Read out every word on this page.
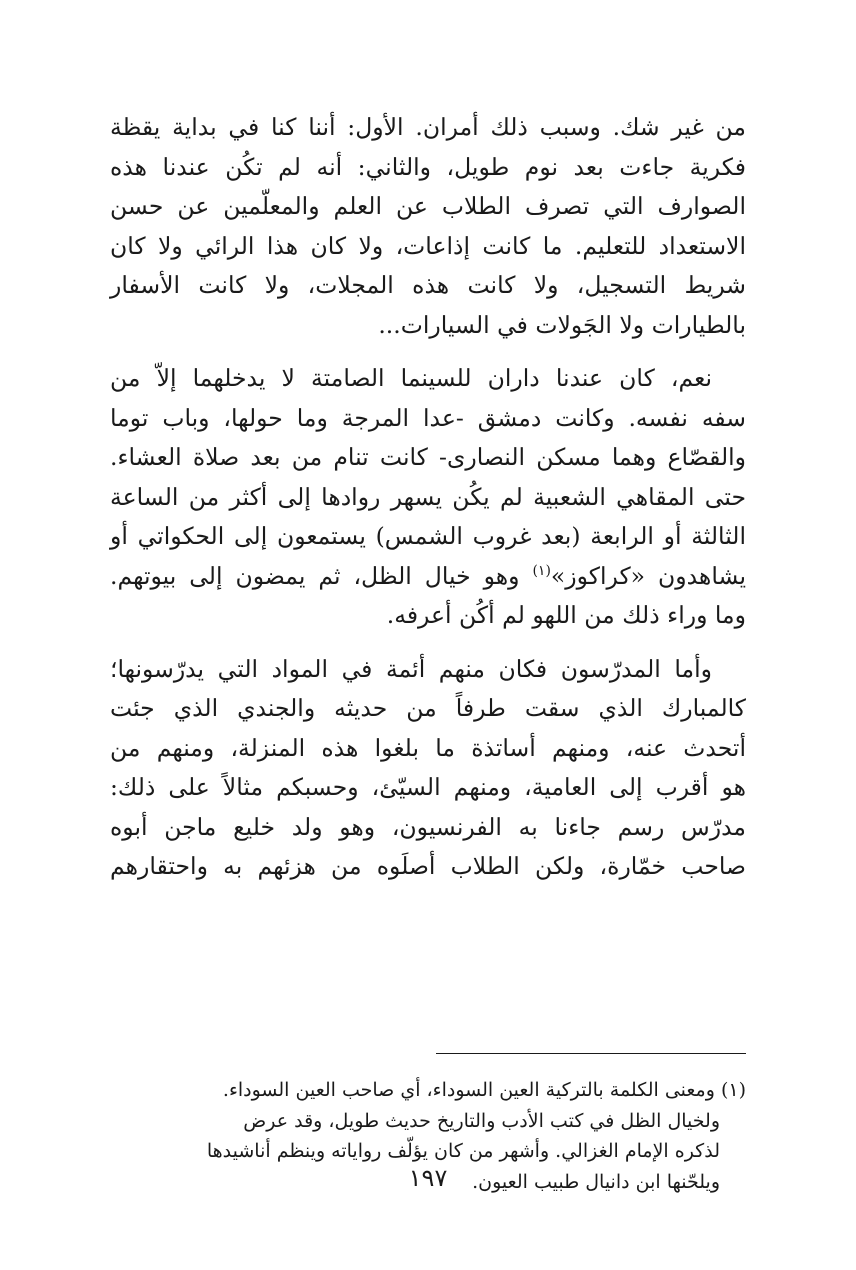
من غير شك. وسبب ذلك أمران. الأول: أننا كنا في بداية يقظة
فكرية جاءت بعد نوم طويل، والثاني: أنه لم تكُن عندنا هذه
الصوارف التي تصرف الطلاب عن العلم والمعلّمين عن حسن
الاستعداد للتعليم. ما كانت إذاعات، ولا كان هذا الرائي ولا كان
شريط التسجيل، ولا كانت هذه المجلات، ولا كانت الأسفار
بالطيارات ولا الجَولات في السيارات...

نعم، كان عندنا داران للسينما الصامتة لا يدخلهما إلاّ من
سفه نفسه. وكانت دمشق -عدا المرجة وما حولها، وباب توما
والقصّاع وهما مسكن النصارى- كانت تنام من بعد صلاة العشاء.
حتى المقاهي الشعبية لم يكُن يسهر روادها إلى أكثر من الساعة
الثالثة أو الرابعة (بعد غروب الشمس) يستمعون إلى الحكواتي أو
يشاهدون «كراكوز»$^{(١)}$ وهو خيال الظل، ثم يمضون إلى بيوتهم.
وما وراء ذلك من اللهو لم أكُن أعرفه.

وأما المدرّسون فكان منهم أئمة في المواد التي يدرّسونها؛
كالمبارك الذي سقت طرفاً من حديثه والجندي الذي جئت
أتحدث عنه، ومنهم أساتذة ما بلغوا هذه المنزلة، ومنهم من
هو أقرب إلى العامية، ومنهم السيّئ، وحسبكم مثالاً على ذلك:
مدرّس رسم جاءنا به الفرنسيون، وهو ولد خليع ماجن أبوه
صاحب خمّارة، ولكن الطلاب أصلَوه من هزئهم به واحتقارهم

(١) ومعنى الكلمة بالتركية العين السوداء، أي صاحب العين السوداء.
ولخيال الظل في كتب الأدب والتاريخ حديث طويل، وقد عرض
لذكره الإمام الغزالي. وأشهر من كان يؤلّف رواياته وينظم أناشيدها
ويلحّنها ابن دانيال طبيب العيون.

١٩٧
